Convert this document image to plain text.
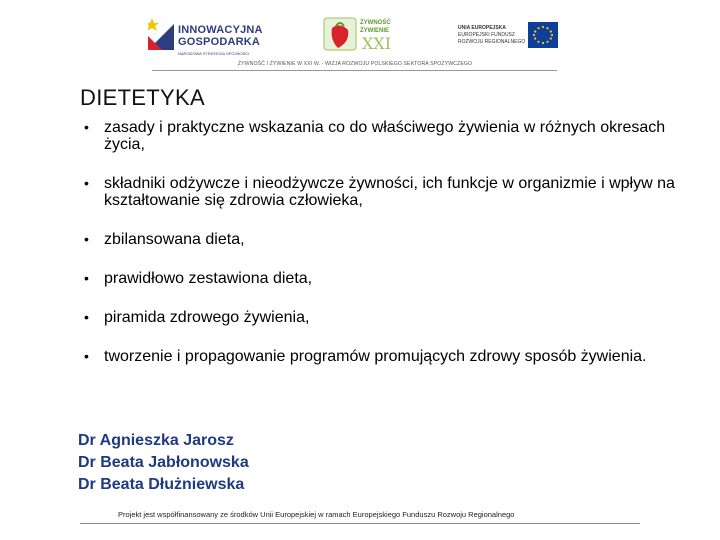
INNOWACYJNA
GOSPODARKA
NARODOWA STRATEGIA SPÓJNOŚCI
ŻYWNOŚĆ
ŻYWIENIE
XXI
UNIA EUROPEJSKA
EUROPEJSKI FUNDUSZ
ROZWOJU REGIONALNEGO
ŻYWNOŚĆ I ŻYWIENIE W XXI W. - WIZJA ROZWOJU POLSKIEGO SEKTORA SPOŻYWCZEGO
DIETETYKA
• zasady i praktyczne wskazania co do właściwego żywienia w różnych okresach życia,
• składniki odżywcze i nieodżywcze żywności, ich funkcje w organizmie i wpływ na kształtowanie się zdrowia człowieka,
• zbilansowana dieta,
• prawidłowo zestawiona dieta,
• piramida zdrowego żywienia,
• tworzenie i propagowanie programów promujących zdrowy sposób żywienia.
Dr Agnieszka Jarosz
Dr Beata Jabłonowska
Dr Beata Dłużniewska
Projekt jest współfinansowany ze środków Unii Europejskiej w ramach Europejskiego Funduszu Rozwoju Regionalnego
